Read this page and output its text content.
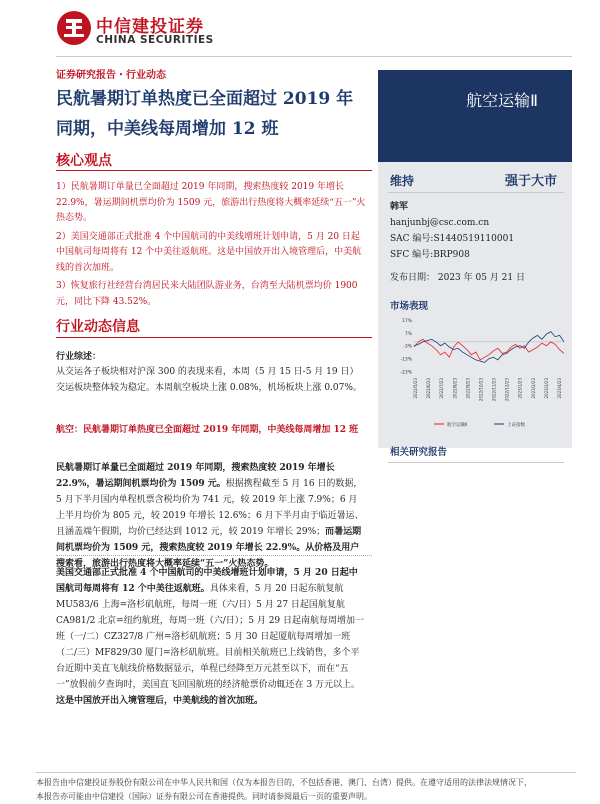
中信建投证券
CHINA SECURITIES
证券研究报告・行业动态
民航暑期订单热度已全面超过 2019 年
同期，中美线每周增加 12 班
航空运输Ⅱ
维持	强于大市
韩军
hanjunbj@csc.com.cn
SAC 编号:S1440519110001
SFC 编号:BRP908
发布日期： 2023 年 05 月 21 日
市场表现
17%
7%
-3%
-13%
-23%
2022/5/23 2022/6/23 2022/7/23 2022/8/23 2022/9/23 2022/10/23 2022/11/23 2022/12/23 2023/1/23 2023/2/23 2023/3/23 2023/4/23
航空运输Ⅱ	上证指数
相关研究报告
核心观点

1）民航暑期订单量已全面超过 2019 年同期，搜索热度较 2019 年增长 22.9%，暑运期间机票均价为 1509 元，旅游出行热度将大概率延续“五一”火热态势。

2）美国交通部正式批准 4 个中国航司的中美线增班计划申请，5 月 20 日起中国航司每周将有 12 个中美往返航班。这是中国放开出入境管理后，中美航线的首次加班。

3）恢复旅行社经营台湾居民来大陆团队游业务，台湾至大陆机票均价 1900 元，同比下降 43.52%。

行业动态信息
行业综述：
从交运各子板块相对沪深 300 的表现来看，本周（5 月 15 日-5 月 19 日）交运板块整体较为稳定。本周航空板块上涨 0.08%，机场板块上涨 0.07%。
航空：民航暑期订单热度已全面超过 2019 年同期，中美线每周增加 12 班
民航暑期订单量已全面超过 2019 年同期，搜索热度较 2019 年增长 22.9%，暑运期间机票均价为 1509 元。根据携程截至 5 月 16 日的数据，5 月下半月国内单程机票含税均价为 741 元，较 2019 年上涨 7.9%；6 月上半月均价为 805 元，较 2019 年增长 12.6%；6 月下半月由于临近暑运、且涵盖端午假期，均价已经达到 1012 元，较 2019 年增长 29%；而暑运期间机票均价为 1509 元，搜索热度较 2019 年增长 22.9%。从价格及用户搜索看，旅游出行热度将大概率延续“五一”火热态势。
美国交通部正式批准 4 个中国航司的中美线增班计划申请，5 月 20 日起中国航司每周将有 12 个中美往返航班。具体来看，5 月 20 日起东航复航 MU583/6 上海=洛杉矶航班，每周一班（六/日）5 月 27 日起国航复航 CA981/2 北京=纽约航班，每周一班（六/日）；5 月 29 日起南航每周增加一班（一/二）CZ327/8 广州=洛杉矶航班；5 月 30 日起厦航每周增加一班（二/三）MF829/30 厦门=洛杉矶航班。目前相关航班已上线销售，多个平台近期中美直飞航线价格数据显示，单程已经降至万元甚至以下，而在“五一”放假前夕查询时，美国直飞回国航班的经济舱票价动辄还在 3 万元以上。这是中国放开出入境管理后，中美航线的首次加班。
本报告由中信建投证券股份有限公司在中华人民共和国（仅为本报告目的，不包括香港、澳门、台湾）提供。在遵守适用的法律法规情况下，
本报告亦可能由中信建投（国际）证券有限公司在香港提供。同时请参阅最后一页的重要声明。
